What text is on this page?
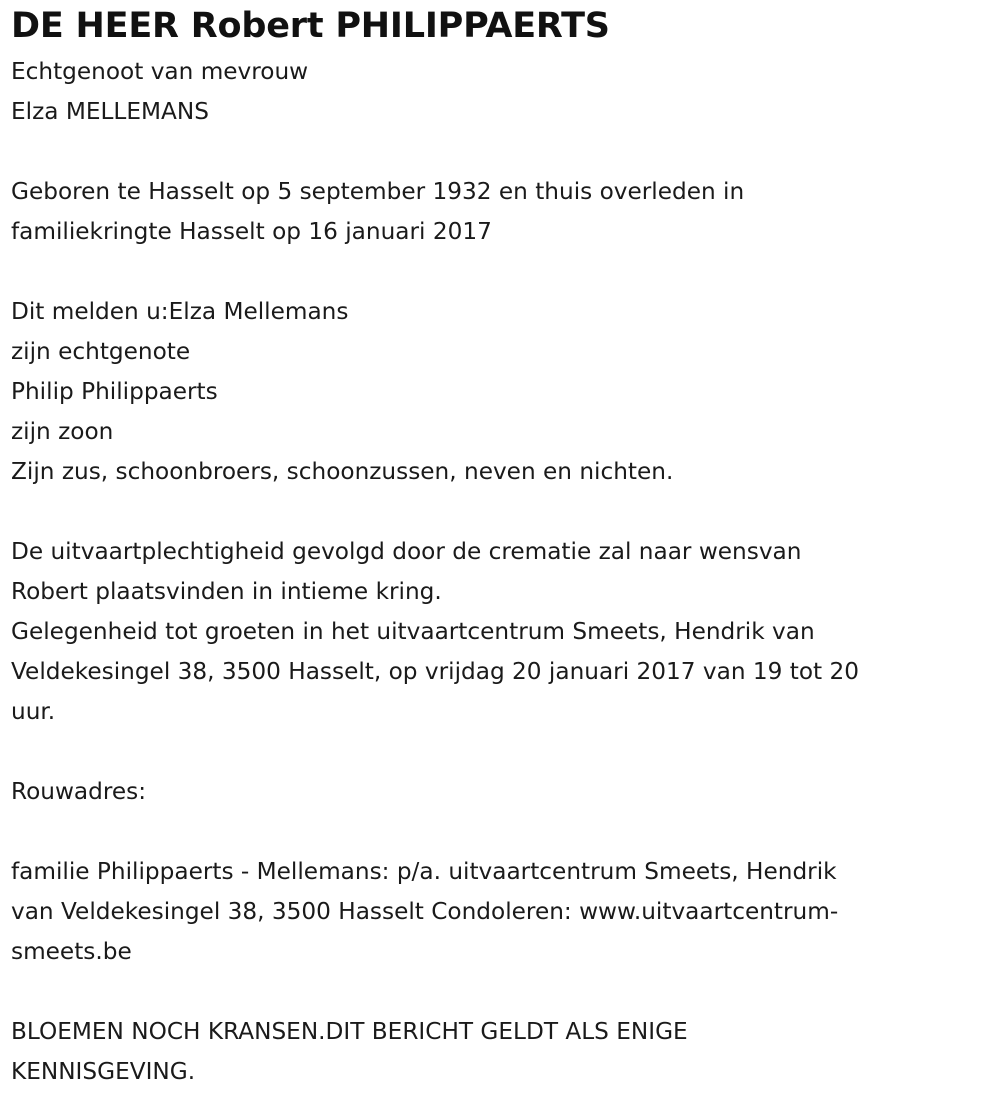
DE HEER Robert PHILIPPAERTS
Echtgenoot van mevrouw
Elza MELLEMANS
Geboren te Hasselt op 5 september 1932 en thuis overleden in
familiekringte Hasselt op 16 januari 2017
Dit melden u:Elza Mellemans
zijn echtgenote
Philip Philippaerts
zijn zoon
Zijn zus, schoonbroers, schoonzussen, neven en nichten.
De uitvaartplechtigheid gevolgd door de crematie zal naar wensvan
Robert plaatsvinden in intieme kring.
Gelegenheid tot groeten in het uitvaartcentrum Smeets, Hendrik van
Veldekesingel 38, 3500 Hasselt, op vrijdag 20 januari 2017 van 19 tot 20
uur.
Rouwadres:
familie Philippaerts - Mellemans: p/a. uitvaartcentrum Smeets, Hendrik
van Veldekesingel 38, 3500 Hasselt Condoleren: www.uitvaartcentrum-
smeets.be
BLOEMEN NOCH KRANSEN.DIT BERICHT GELDT ALS ENIGE
KENNISGEVING.
